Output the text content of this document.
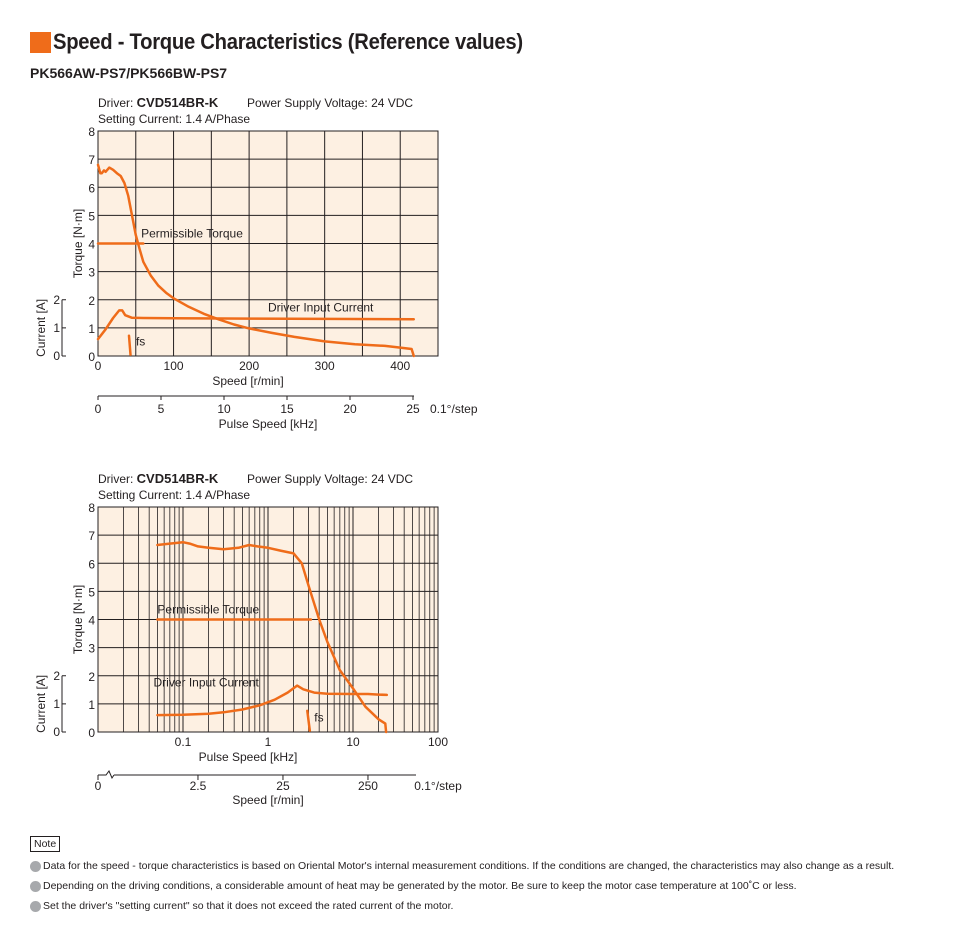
Speed - Torque Characteristics (Reference values)
PK566AW-PS7/PK566BW-PS7
Driver: CVD514BR-K Power Supply Voltage: 24 VDC
Setting Current: 1.4 A/Phase
0
1
2
3
4
5
6
7
8
Torque [N·m]
0
1
2
Current [A]
0	100	200	300	400
Speed [r/min]
0	5	10	15	20	25 0.1°/step
Pulse Speed [kHz]
Permissible Torque
Driver Input Current
fs
Driver: CVD514BR-K Power Supply Voltage: 24 VDC
Setting Current: 1.4 A/Phase
0
1
2
3
4
5
6
7
8
Torque [N·m]
0
1
2
Current [A]
0.1	1	10	100
Pulse Speed [kHz]
0	2.5	25	250	0.1°/step
Speed [r/min]
Permissible Torque
Driver Input Current
fs
Note
Data for the speed - torque characteristics is based on Oriental Motor's internal measurement conditions. If the conditions are changed, the characteristics may also change as a result.
Depending on the driving conditions, a considerable amount of heat may be generated by the motor. Be sure to keep the motor case temperature at 100˚C or less.
Set the driver's "setting current" so that it does not exceed the rated current of the motor.
